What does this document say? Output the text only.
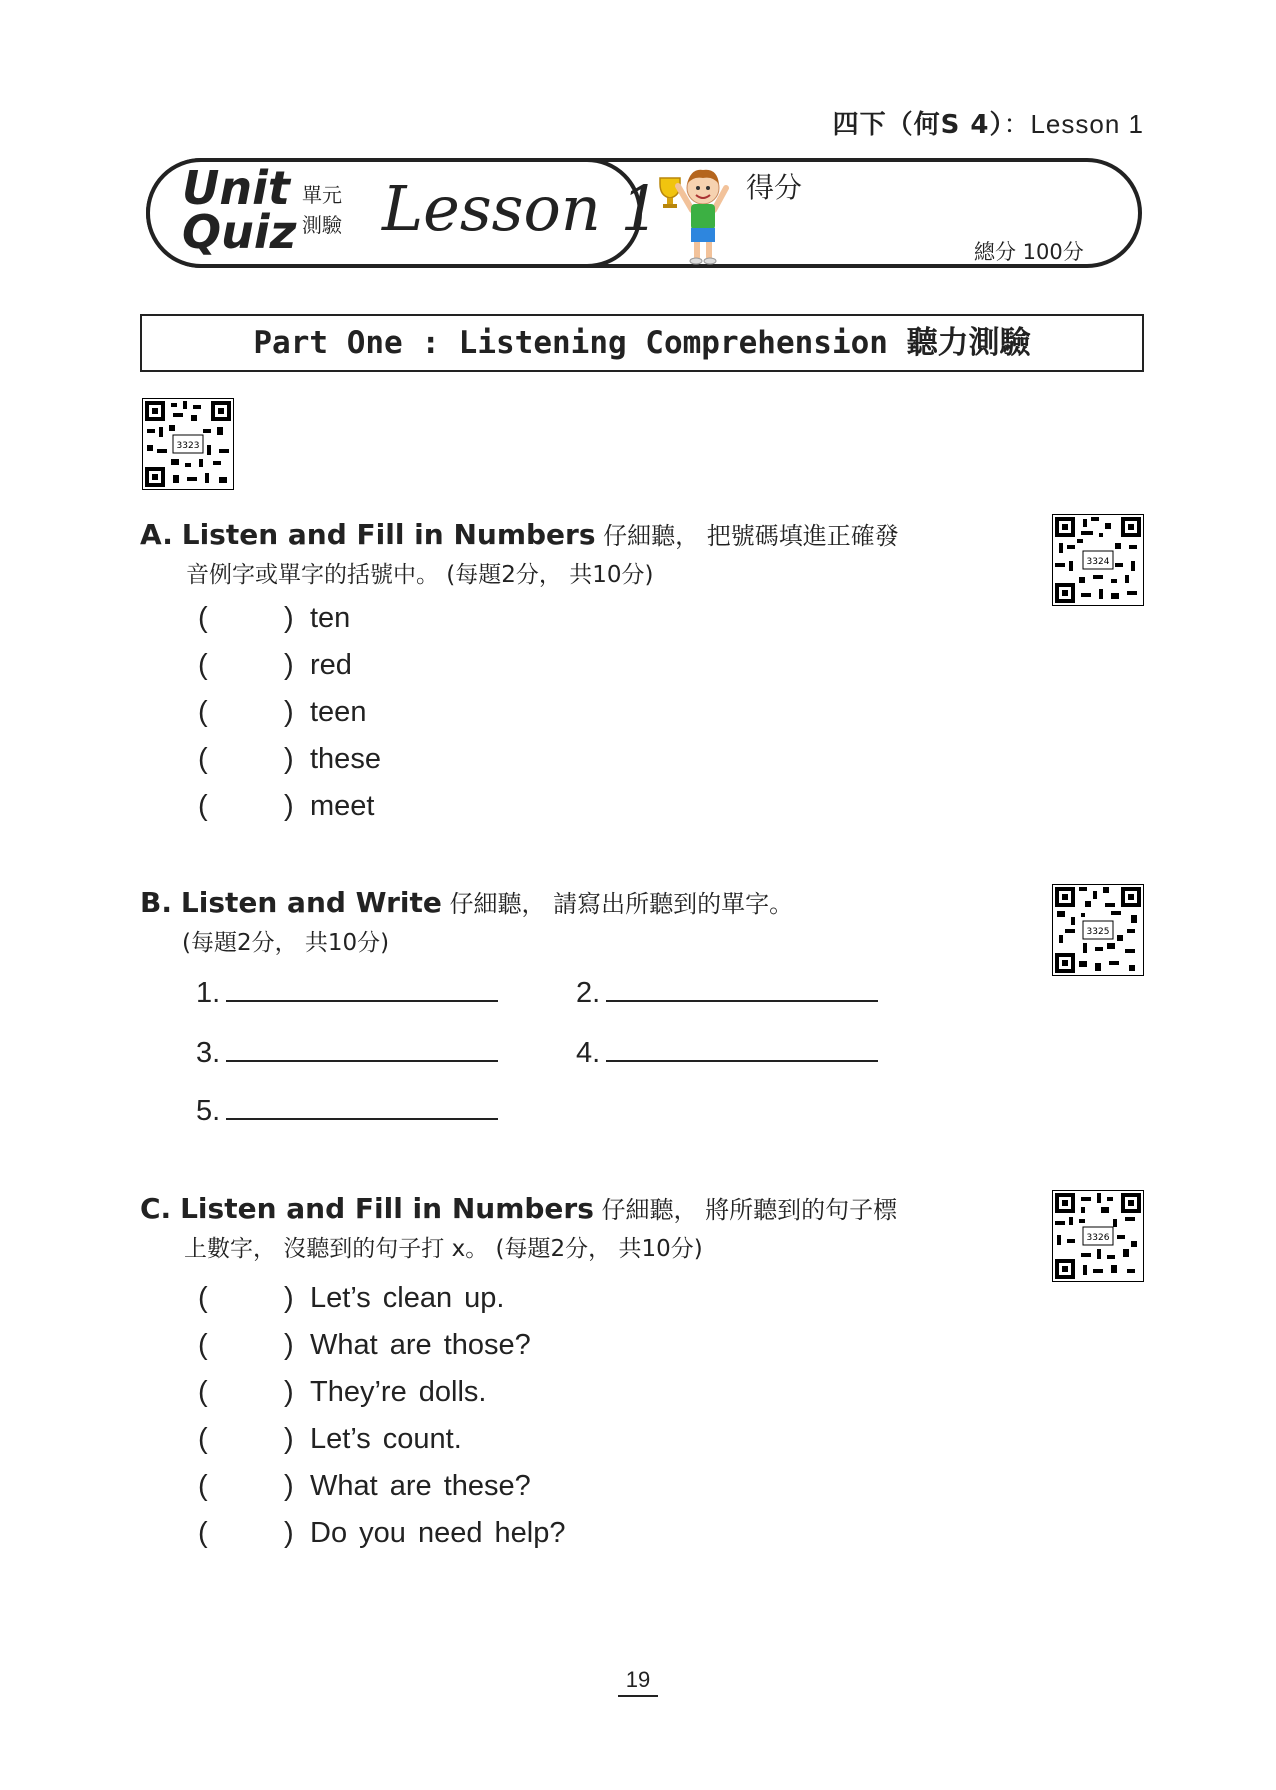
四下（何S 4）：Lesson 1
Unit
Quiz
單元
測驗 Lesson 1	得分
總分 100分
Part One : Listening Comprehension 聽力測驗
3323
3324
3325
3326
A. Listen and Fill in Numbers 仔細聽， 把號碼填進正確發
音例字或單字的括號中。 (每題2分， 共10分)
(	) ten
(	) red
(	) teen
(	) these
(	) meet
B. Listen and Write 仔細聽， 請寫出所聽到的單字。
(每題2分， 共10分)
1.	2.
3.	4.
5.
C. Listen and Fill in Numbers 仔細聽， 將所聽到的句子標
上數字， 沒聽到的句子打 x。 (每題2分， 共10分)
(	) Let’s clean up.
(	) What are those?
(	) They’re dolls.
(	) Let’s count.
(	) What are these?
(	) Do you need help?
19
